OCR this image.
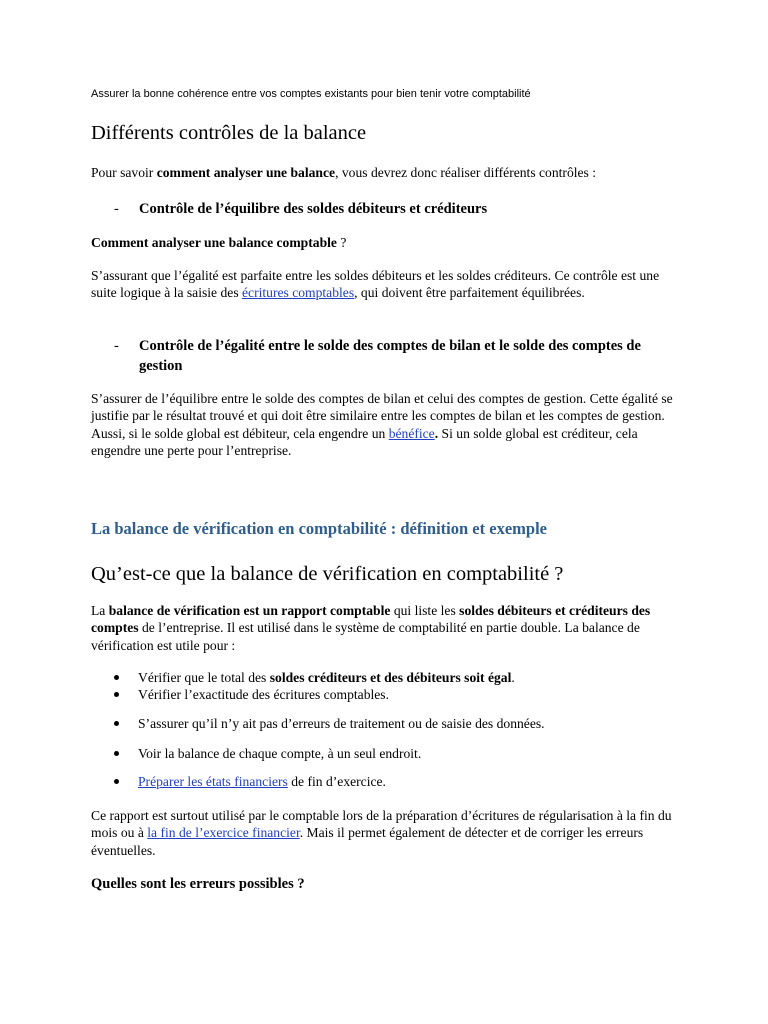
Assurer la bonne cohérence entre vos comptes existants pour bien tenir votre comptabilité

Différents contrôles de la balance

Pour savoir comment analyser une balance, vous devrez donc réaliser différents contrôles :

-	Contrôle de l’équilibre des soldes débiteurs et créditeurs

Comment analyser une balance comptable ?

S’assurant que l’égalité est parfaite entre les soldes débiteurs et les soldes créditeurs. Ce contrôle est une suite logique à la saisie des écritures comptables, qui doivent être parfaitement équilibrées.

-	Contrôle de l’égalité entre le solde des comptes de bilan et le solde des comptes de gestion

S’assurer de l’équilibre entre le solde des comptes de bilan et celui des comptes de gestion. Cette égalité se justifie par le résultat trouvé et qui doit être similaire entre les comptes de bilan et les comptes de gestion. Aussi, si le solde global est débiteur, cela engendre un bénéfice. Si un solde global est créditeur, cela engendre une perte pour l’entreprise.

La balance de vérification en comptabilité : définition et exemple
Qu’est-ce que la balance de vérification en comptabilité ?

La balance de vérification est un rapport comptable qui liste les soldes débiteurs et créditeurs des comptes de l’entreprise. Il est utilisé dans le système de comptabilité en partie double. La balance de vérification est utile pour :

Vérifier que le total des soldes créditeurs et des débiteurs soit égal.
Vérifier l’exactitude des écritures comptables.
S’assurer qu’il n’y ait pas d’erreurs de traitement ou de saisie des données.
Voir la balance de chaque compte, à un seul endroit.
Préparer les états financiers de fin d’exercice.

Ce rapport est surtout utilisé par le comptable lors de la préparation d’écritures de régularisation à la fin du mois ou à la fin de l’exercice financier. Mais il permet également de détecter et de corriger les erreurs éventuelles.

Quelles sont les erreurs possibles ?
